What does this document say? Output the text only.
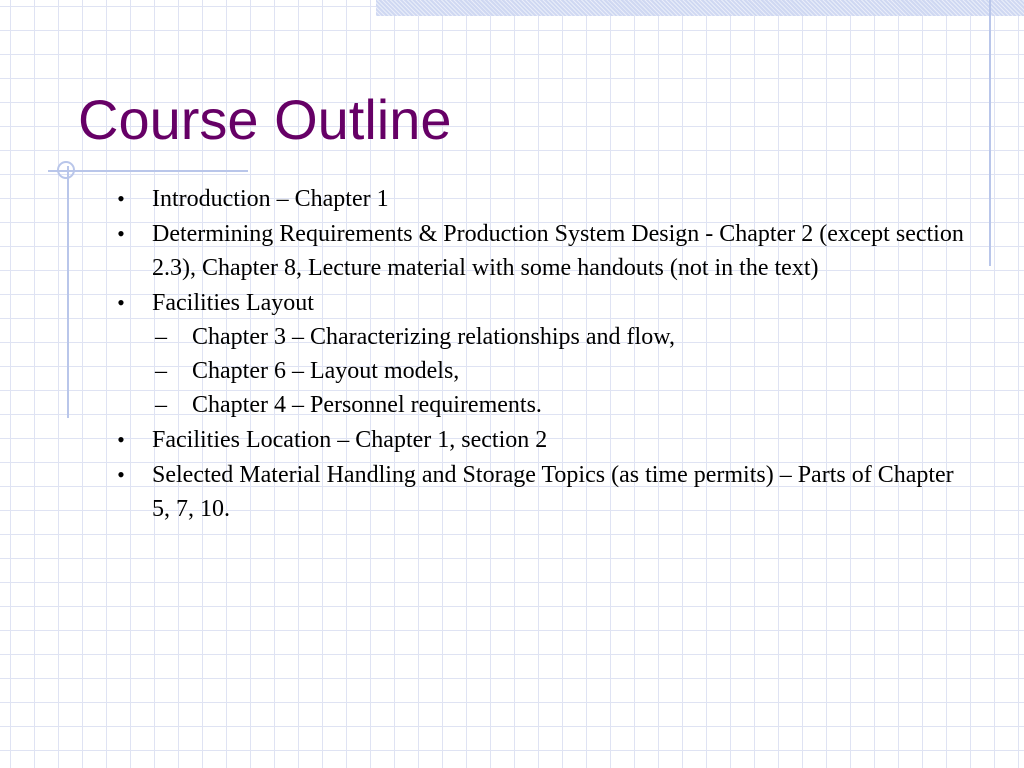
Course Outline
• Introduction – Chapter 1
• Determining Requirements & Production System Design - Chapter 2 (except section 2.3), Chapter 8, Lecture material with some handouts (not in the text)
• Facilities Layout
– Chapter 3 – Characterizing relationships and flow,
– Chapter 6 – Layout models,
– Chapter 4 – Personnel requirements.
• Facilities Location – Chapter 1, section 2
• Selected Material Handling and Storage Topics (as time permits) – Parts of Chapter 5, 7, 10.
